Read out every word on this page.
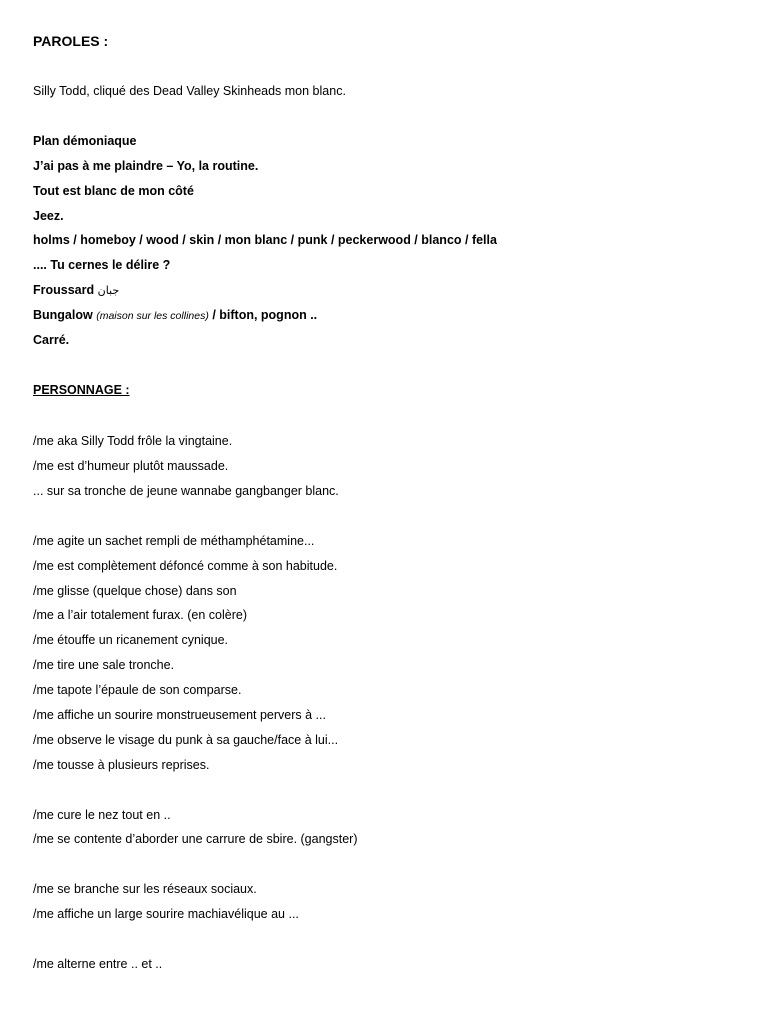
PAROLES :
Silly Todd, cliqué des Dead Valley Skinheads mon blanc.
Plan démoniaque
J’ai pas à me plaindre – Yo, la routine.
Tout est blanc de mon côté
Jeez.
holms / homeboy / wood / skin / mon blanc / punk / peckerwood / blanco / fella
.... Tu cernes le délire ?
Froussard جبان
Bungalow (maison sur les collines) / bifton, pognon ..
Carré.
PERSONNAGE :
/me aka Silly Todd frôle la vingtaine.
/me est d’humeur plutôt maussade.
... sur sa tronche de jeune wannabe gangbanger blanc.
/me agite un sachet rempli de méthamphétamine...
/me est complètement défoncé comme à son habitude.
/me glisse (quelque chose) dans son
/me a l’air totalement furax. (en colère)
/me étouffe un ricanement cynique.
/me tire une sale tronche.
/me tapote l’épaule de son comparse.
/me affiche un sourire monstrueusement pervers à ...
/me observe le visage du punk à sa gauche/face à lui...
/me tousse à plusieurs reprises.
/me cure le nez tout en ..
/me se contente d’aborder une carrure de sbire. (gangster)
/me se branche sur les réseaux sociaux.
/me affiche un large sourire machiavélique au ...
/me alterne entre .. et ..
